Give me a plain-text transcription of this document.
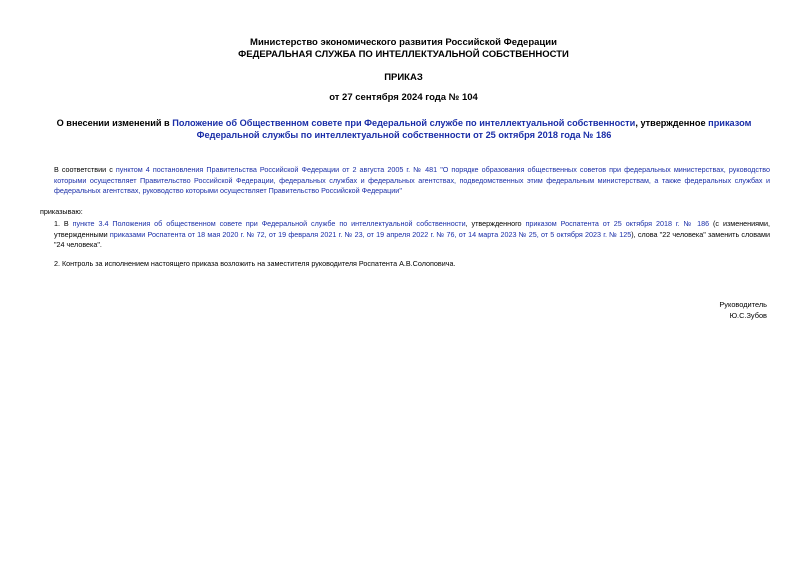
Министерство экономического развития Российской Федерации
ФЕДЕРАЛЬНАЯ СЛУЖБА ПО ИНТЕЛЛЕКТУАЛЬНОЙ СОБСТВЕННОСТИ
ПРИКАЗ
от 27 сентября 2024 года № 104
О внесении изменений в Положение об Общественном совете при Федеральной службе по интеллектуальной собственности, утвержденное приказом Федеральной службы по интеллектуальной собственности от 25 октября 2018 года № 186
В соответствии с пунктом 4 постановления Правительства Российской Федерации от 2 августа 2005 г. № 481 "О порядке образования общественных советов при федеральных министерствах, руководство которыми осуществляет Правительство Российской Федерации, федеральных службах и федеральных агентствах, подведомственных этим федеральным министерствам, а также федеральных службах и федеральных агентствах, руководство которыми осуществляет Правительство Российской Федерации"
приказываю:
1. В пункте 3.4 Положения об общественном совете при Федеральной службе по интеллектуальной собственности, утвержденного приказом Роспатента от 25 октября 2018 г. № 186 (с изменениями, утвержденными приказами Роспатента от 18 мая 2020 г. № 72, от 19 февраля 2021 г. № 23, от 19 апреля 2022 г. № 76, от 14 марта 2023 № 25, от 5 октября 2023 г. № 125), слова "22 человека" заменить словами "24 человека".
2. Контроль за исполнением настоящего приказа возложить на заместителя руководителя Роспатента А.В.Солоповича.
Руководитель
Ю.С.Зубов
